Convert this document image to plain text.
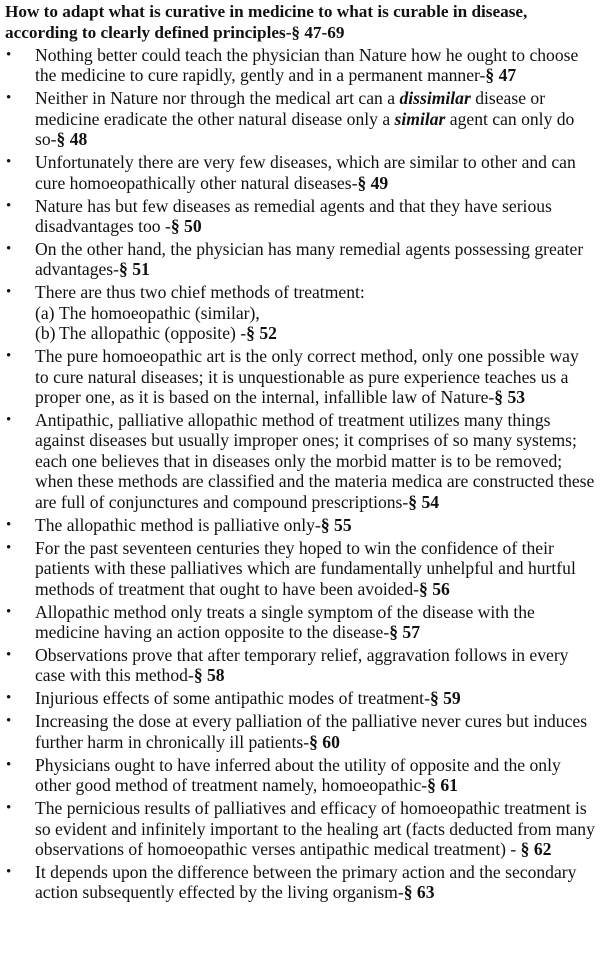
How to adapt what is curative in medicine to what is curable in disease, according to clearly defined principles-§ 47-69

• Nothing better could teach the physician than Nature how he ought to choose the medicine to cure rapidly, gently and in a permanent manner-§ 47
• Neither in Nature nor through the medical art can a dissimilar disease or medicine eradicate the other natural disease only a similar agent can only do so-§ 48
• Unfortunately there are very few diseases, which are similar to other and can cure homoeopathically other natural diseases-§ 49
• Nature has but few diseases as remedial agents and that they have serious disadvantages too -§ 50
• On the other hand, the physician has many remedial agents possessing greater advantages-§ 51
• There are thus two chief methods of treatment:
(a) The homoeopathic (similar),
(b) The allopathic (opposite) -§ 52
• The pure homoeopathic art is the only correct method, only one possible way to cure natural diseases; it is unquestionable as pure experience teaches us a proper one, as it is based on the internal, infallible law of Nature-§ 53
• Antipathic, palliative allopathic method of treatment utilizes many things against diseases but usually improper ones; it comprises of so many systems; each one believes that in diseases only the morbid matter is to be removed; when these methods are classified and the materia medica are constructed these are full of conjunctures and compound prescriptions-§ 54
• The allopathic method is palliative only-§ 55
• For the past seventeen centuries they hoped to win the confidence of their patients with these palliatives which are fundamentally unhelpful and hurtful methods of treatment that ought to have been avoided-§ 56
• Allopathic method only treats a single symptom of the disease with the medicine having an action opposite to the disease-§ 57
• Observations prove that after temporary relief, aggravation follows in every case with this method-§ 58
• Injurious effects of some antipathic modes of treatment-§ 59
• Increasing the dose at every palliation of the palliative never cures but induces further harm in chronically ill patients-§ 60
• Physicians ought to have inferred about the utility of opposite and the only other good method of treatment namely, homoeopathic-§ 61
• The pernicious results of palliatives and efficacy of homoeopathic treatment is so evident and infinitely important to the healing art (facts deducted from many observations of homoeopathic verses antipathic medical treatment) - § 62
• It depends upon the difference between the primary action and the secondary action subsequently effected by the living organism-§ 63
